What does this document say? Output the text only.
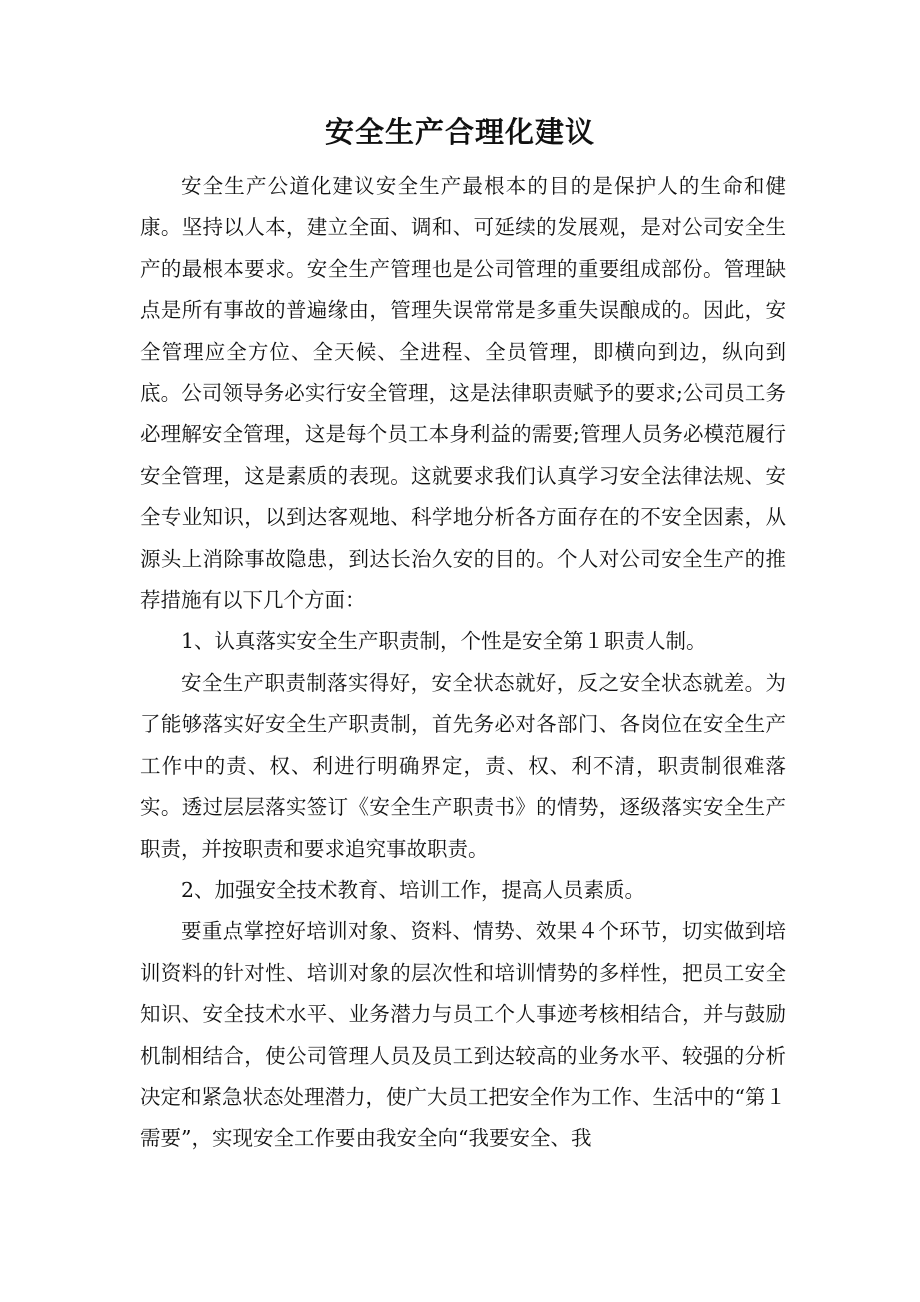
安全生产合理化建议

安全生产公道化建议安全生产最根本的目的是保护人的生命和健康。坚持以人本，建立全面、调和、可延续的发展观，是对公司安全生产的最根本要求。安全生产管理也是公司管理的重要组成部份。管理缺点是所有事故的普遍缘由，管理失误常常是多重失误酿成的。因此，安全管理应全方位、全天候、全进程、全员管理，即横向到边，纵向到底。公司领导务必实行安全管理，这是法律职责赋予的要求;公司员工务必理解安全管理，这是每个员工本身利益的需要;管理人员务必模范履行安全管理，这是素质的表现。这就要求我们认真学习安全法律法规、安全专业知识，以到达客观地、科学地分析各方面存在的不安全因素，从源头上消除事故隐患，到达长治久安的目的。个人对公司安全生产的推荐措施有以下几个方面：

1、认真落实安全生产职责制，个性是安全第１职责人制。

安全生产职责制落实得好，安全状态就好，反之安全状态就差。为了能够落实好安全生产职责制，首先务必对各部门、各岗位在安全生产工作中的责、权、利进行明确界定，责、权、利不清，职责制很难落实。透过层层落实签订《安全生产职责书》的情势，逐级落实安全生产职责，并按职责和要求追究事故职责。

2、加强安全技术教育、培训工作，提高人员素质。

要重点掌控好培训对象、资料、情势、效果４个环节，切实做到培训资料的针对性、培训对象的层次性和培训情势的多样性，把员工安全知识、安全技术水平、业务潜力与员工个人事迹考核相结合，并与鼓励机制相结合，使公司管理人员及员工到达较高的业务水平、较强的分析决定和紧急状态处理潜力，使广大员工把安全作为工作、生活中的“第１需要”，实现安全工作要由我安全向“我要安全、我
